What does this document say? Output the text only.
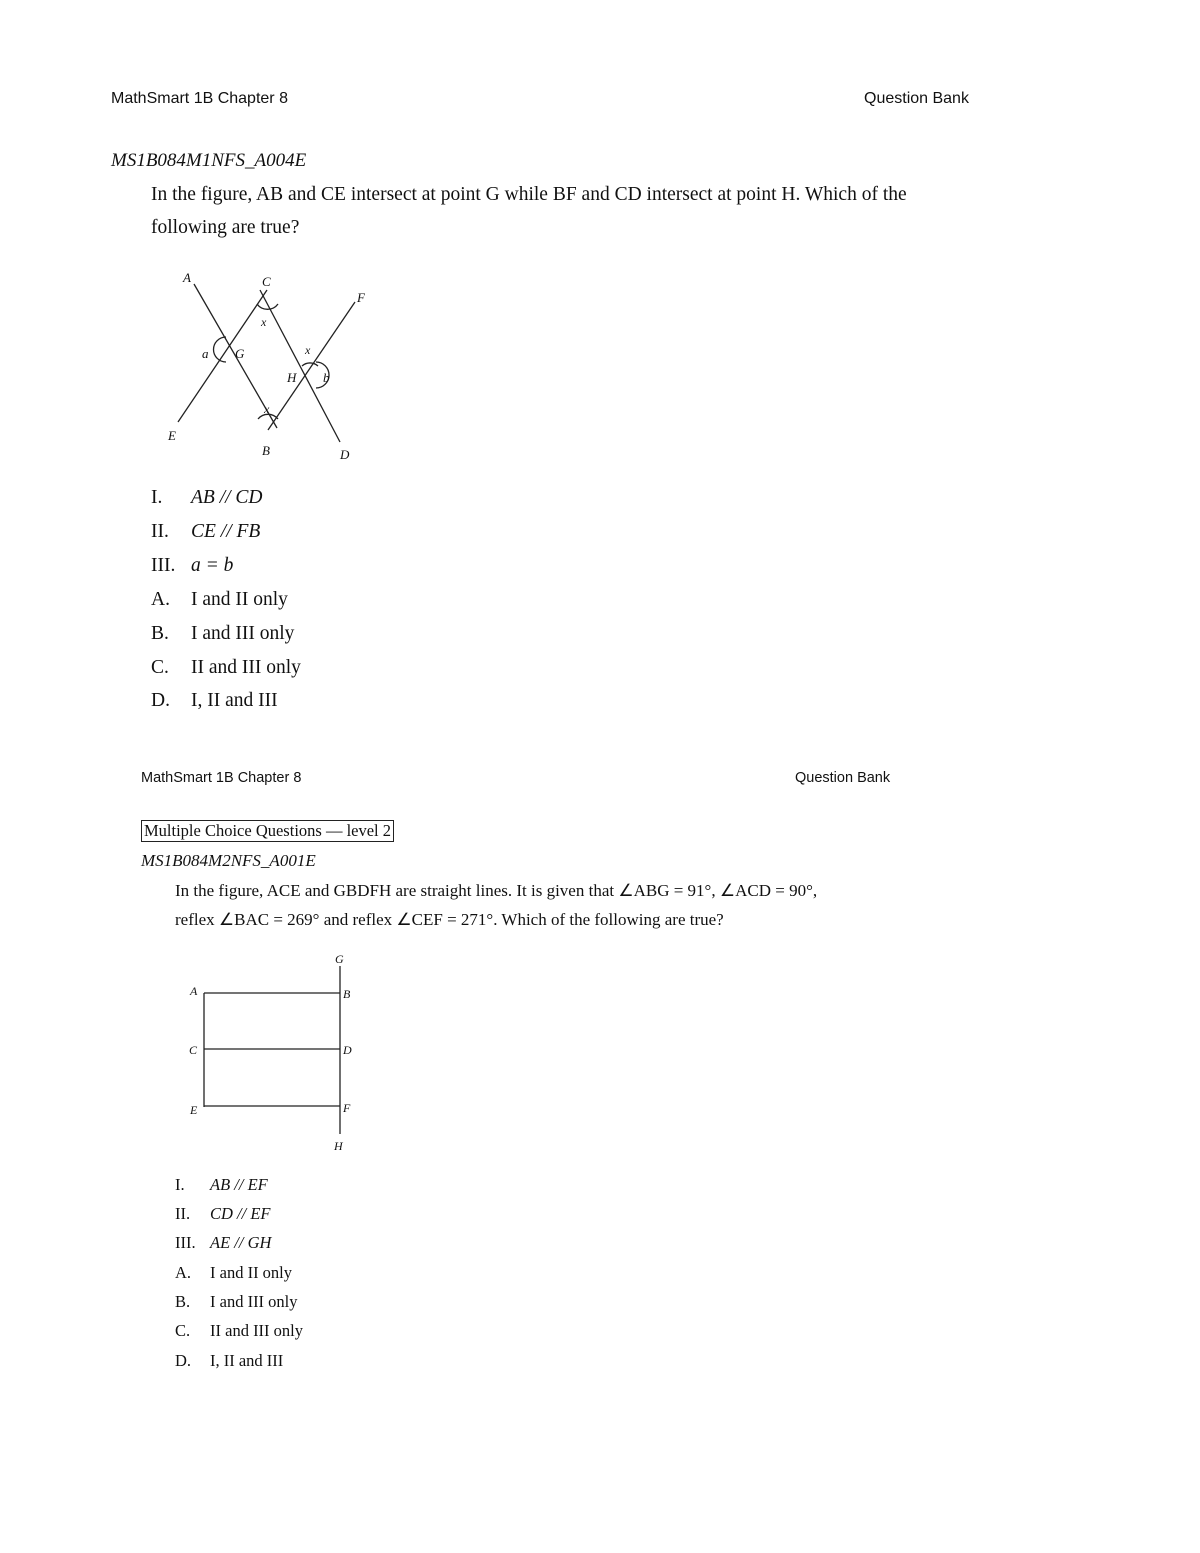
MathSmart 1B Chapter 8	Question Bank
MS1B084M1NFS_A004E
In the figure, AB and CE intersect at point G while BF and CD intersect at point H. Which of the
following are true?
A	C
F
x
a G	x
H b
x
E
B	D
I. AB // CD
II. CE // FB
III. a = b
A. I and II only
B. I and III only
C. II and III only
D. I, II and III
MathSmart 1B Chapter 8	Question Bank
Multiple Choice Questions — level 2
MS1B084M2NFS_A001E
In the figure, ACE and GBDFH are straight lines. It is given that ∠ABG = 91°, ∠ACD = 90°,
reflex ∠BAC = 269° and reflex ∠CEF = 271°. Which of the following are true?
G
A	B
C	D
E	F
H
I. AB // EF
II. CD // EF
III. AE // GH
A. I and II only
B. I and III only
C. II and III only
D. I, II and III
